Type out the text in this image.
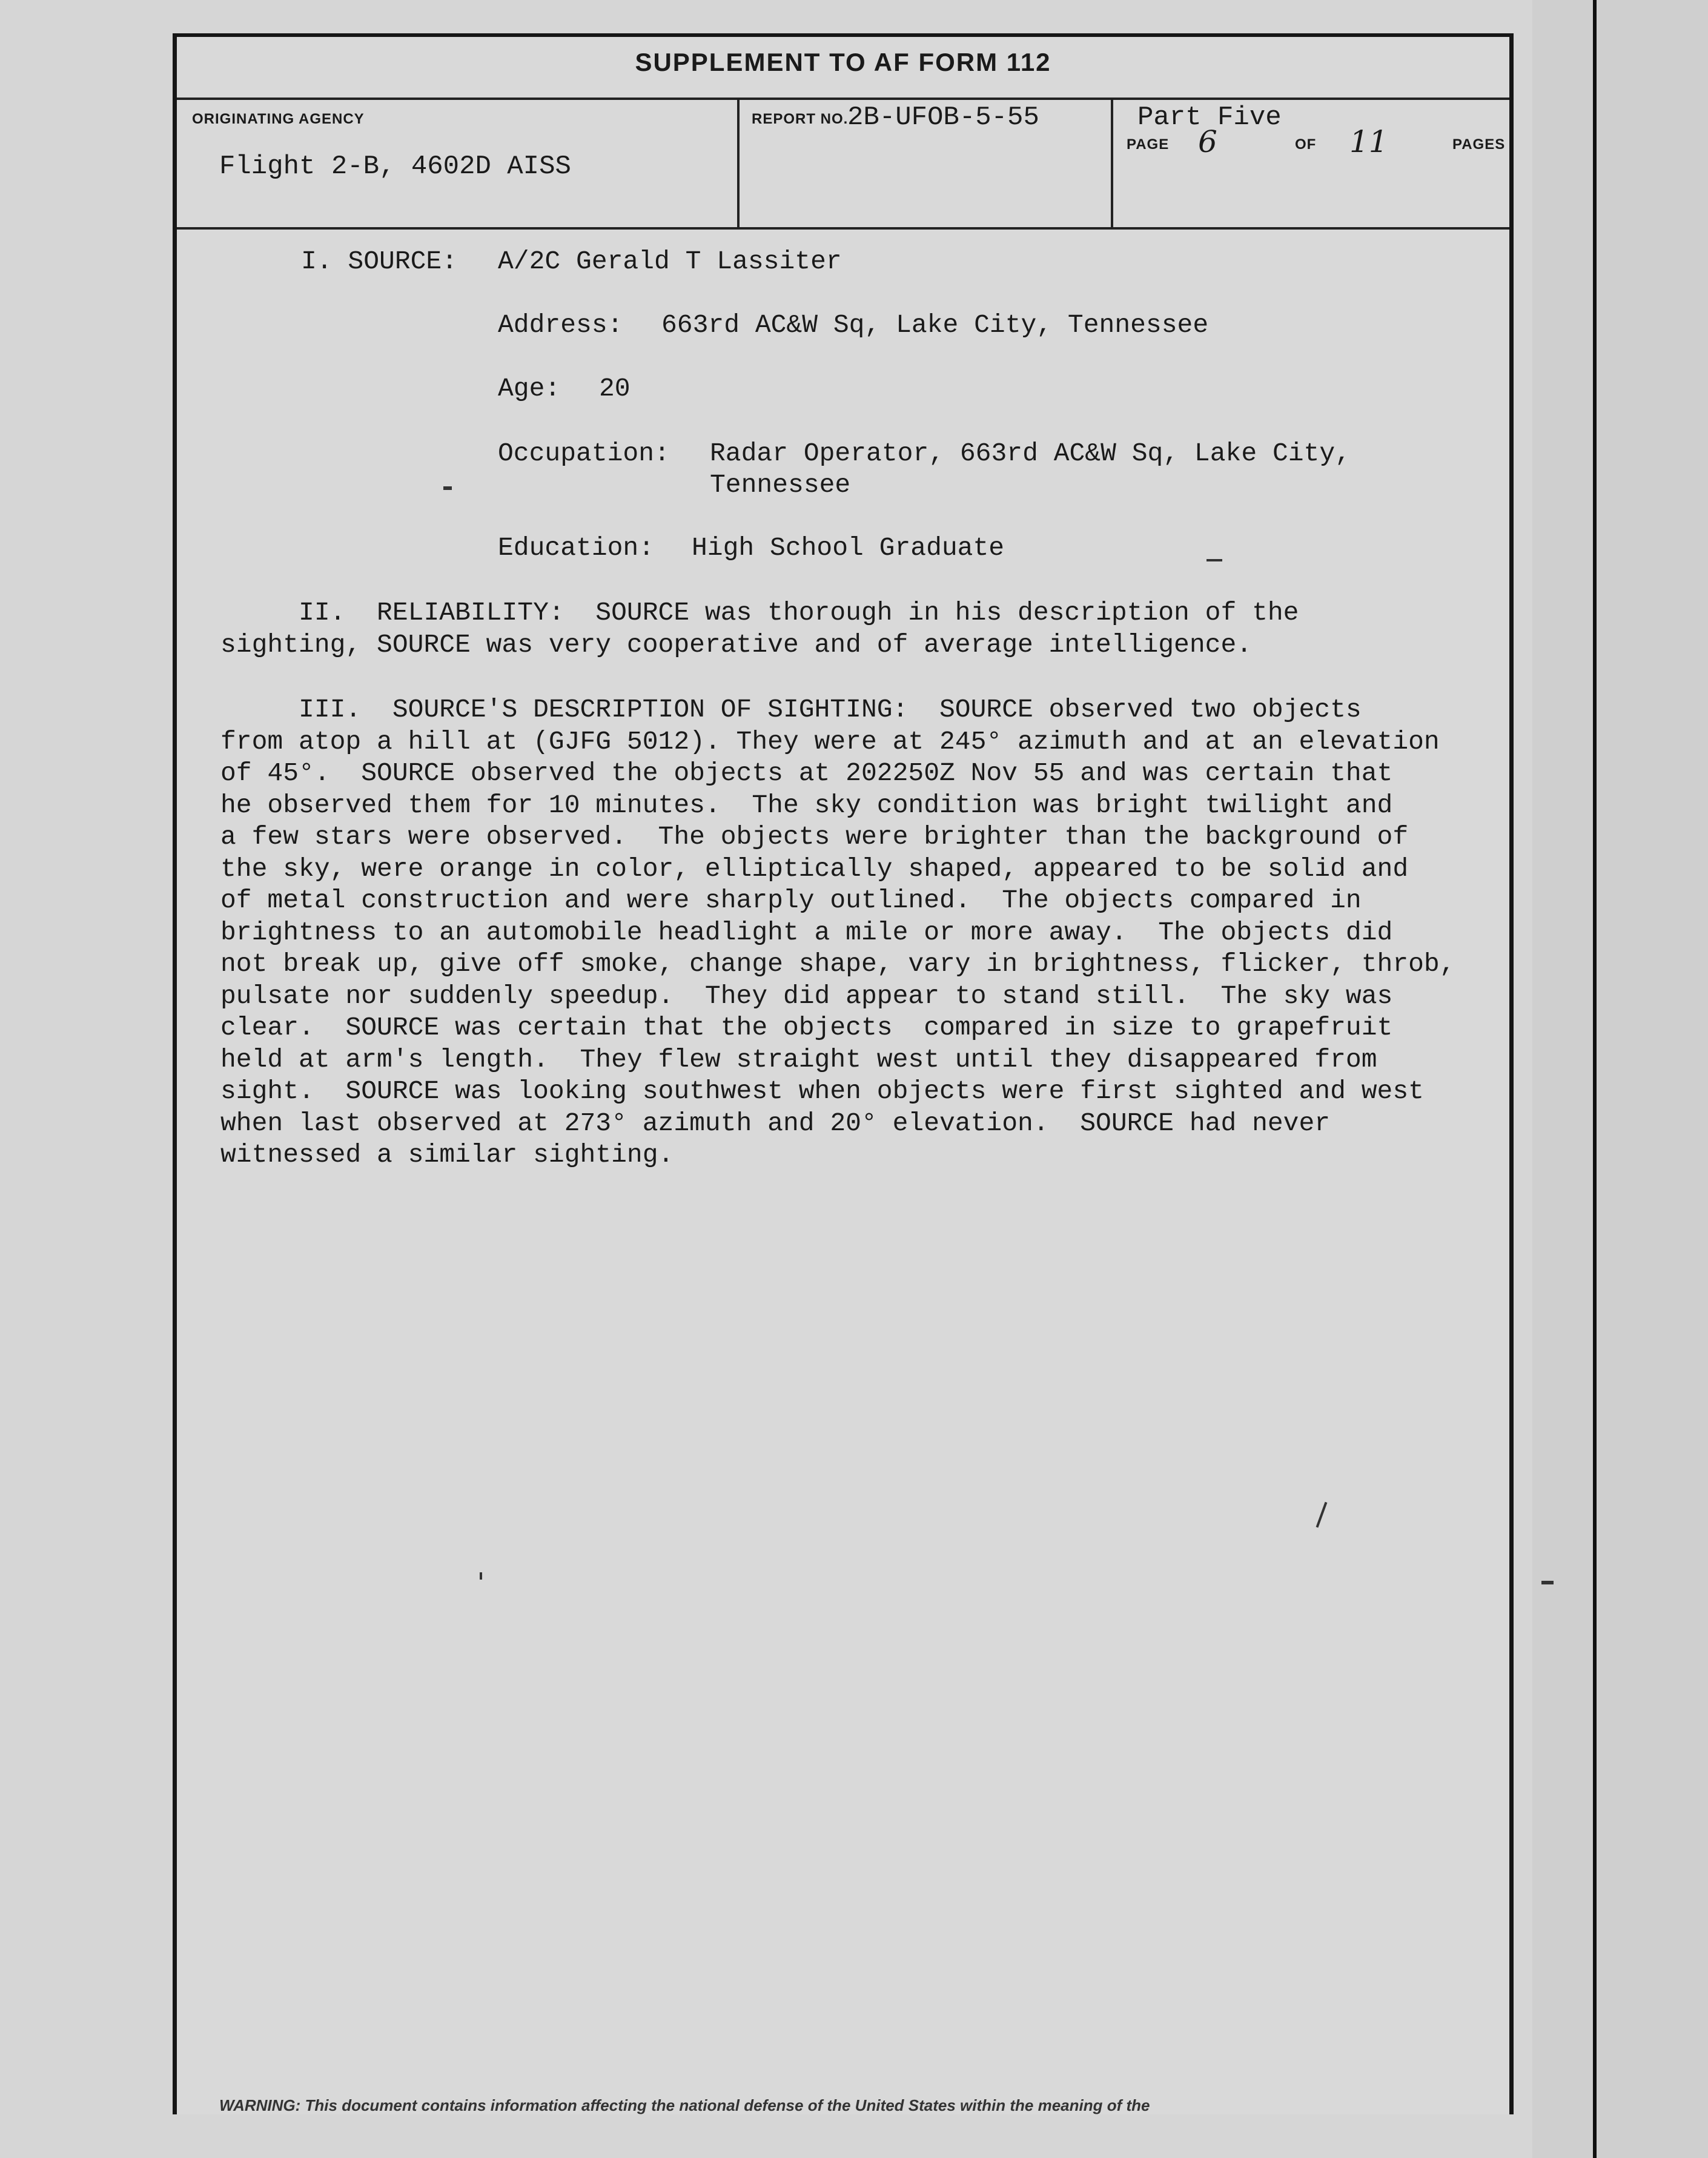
SUPPLEMENT TO AF FORM 112
ORIGINATING AGENCY
Flight 2-B, 4602D AISS
REPORT NO.
2B-UFOB-5-55	Part Five
PAGE 6	OF 11	PAGES
I. SOURCE: A/2C Gerald T Lassiter
Address: 663rd AC&W Sq, Lake City, Tennessee
Age: 20
Occupation: Radar Operator, 663rd AC&W Sq, Lake City,
Tennessee
Education: High School Graduate

II.  RELIABILITY:  SOURCE was thorough in his description of the

sighting, SOURCE was very cooperative and of average intelligence.

III.  SOURCE'S DESCRIPTION OF SIGHTING:  SOURCE observed two objects

from atop a hill at (GJFG 5012). They were at 245° azimuth and at an elevation

of 45°.  SOURCE observed the objects at 202250Z Nov 55 and was certain that

he observed them for 10 minutes.  The sky condition was bright twilight and

a few stars were observed.  The objects were brighter than the background of

the sky, were orange in color, elliptically shaped, appeared to be solid and

of metal construction and were sharply outlined.  The objects compared in

brightness to an automobile headlight a mile or more away.  The objects did

not break up, give off smoke, change shape, vary in brightness, flicker, throb,

pulsate nor suddenly speedup.  They did appear to stand still.  The sky was

clear.  SOURCE was certain that the objects  compared in size to grapefruit

held at arm's length.  They flew straight west until they disappeared from

sight.  SOURCE was looking southwest when objects were first sighted and west

when last observed at 273° azimuth and 20° elevation.  SOURCE had never

witnessed a similar sighting.

WARNING: This document contains information affecting the national defense of the United States within the meaning of the
